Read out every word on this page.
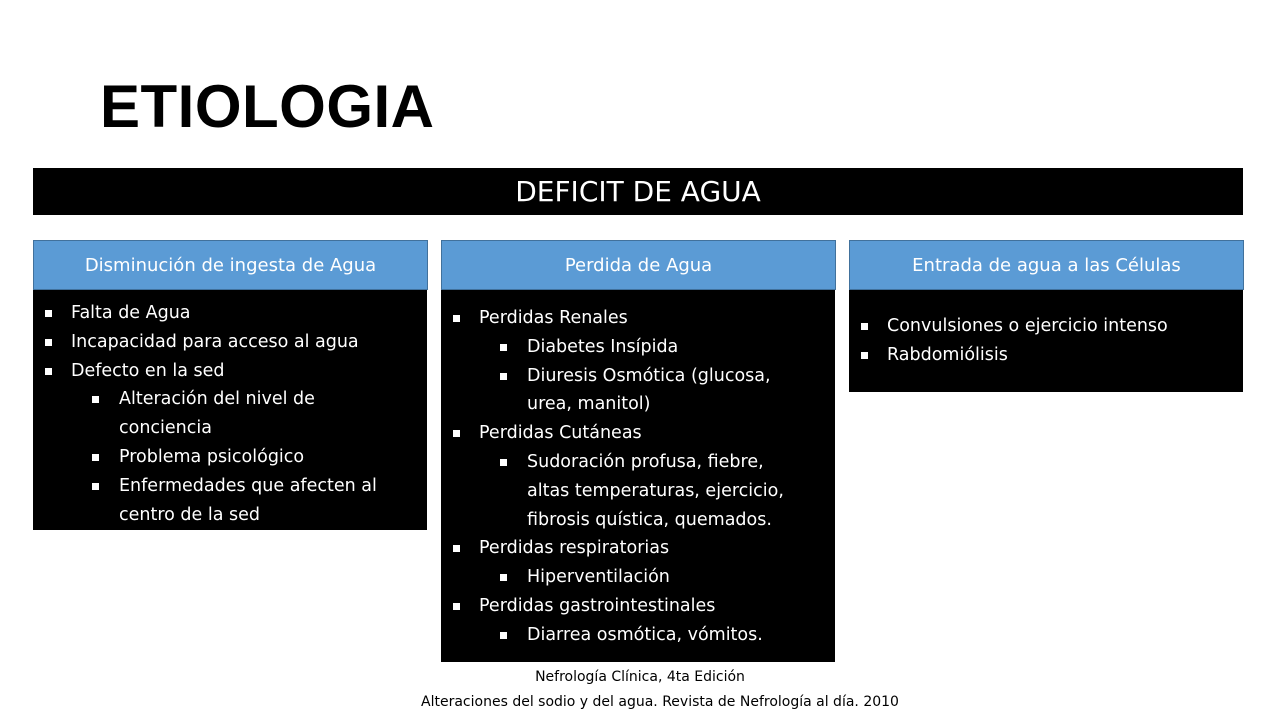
ETIOLOGIA
DEFICIT DE AGUA
Disminución de ingesta de Agua	Perdida de Agua	Entrada de agua a las Células
Falta de Agua
Incapacidad para acceso al agua
Defecto en la sed
Alteración del nivel de
conciencia
Problema psicológico
Enfermedades que afecten al
centro de la sed
Perdidas Renales
Diabetes Insípida
Diuresis Osmótica (glucosa,
urea, manitol)
Perdidas Cutáneas
Sudoración profusa, fiebre,
altas temperaturas, ejercicio,
fibrosis quística, quemados.
Perdidas respiratorias
Hiperventilación
Perdidas gastrointestinales
Diarrea osmótica, vómitos.
Convulsiones o ejercicio intenso
Rabdomiólisis
Nefrología Clínica, 4ta Edición
Alteraciones del sodio y del agua. Revista de Nefrología al día. 2010
